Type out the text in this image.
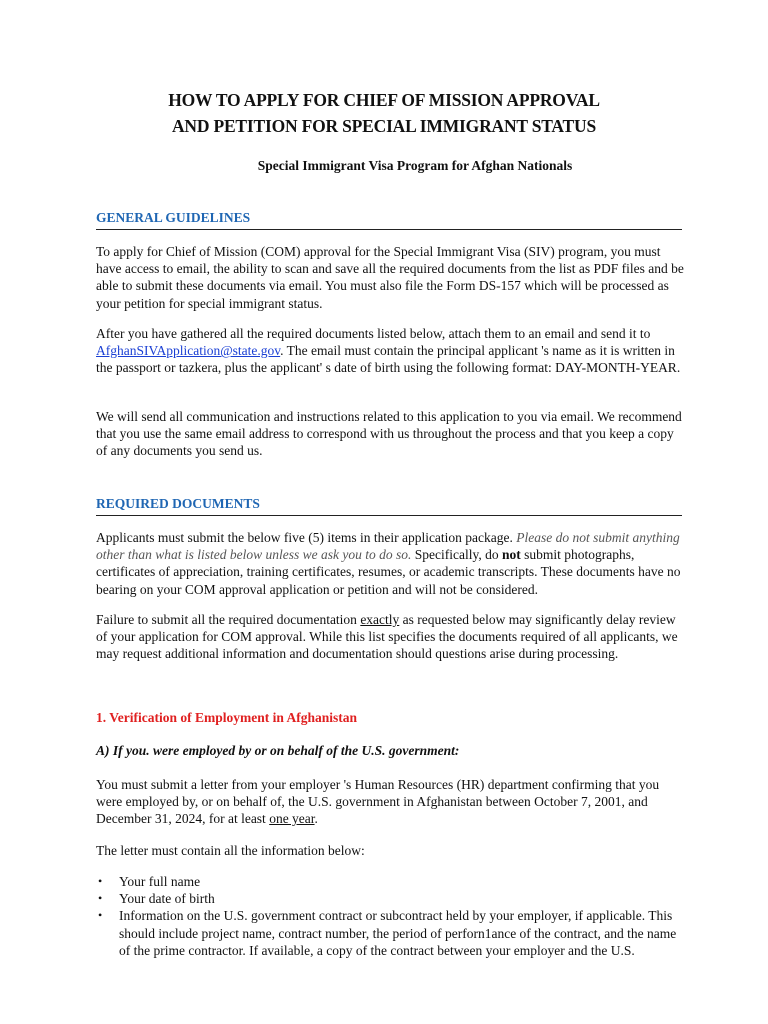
HOW TO APPLY FOR CHIEF OF MISSION APPROVAL
AND PETITION FOR SPECIAL IMMIGRANT STATUS
Special Immigrant Visa Program for Afghan Nationals
GENERAL GUIDELINES

To apply for Chief of Mission (COM) approval for the Special Immigrant Visa (SIV) program, you must have access to email, the ability to scan and save all the required documents from the list as PDF files and be able to submit these documents via email. You must also file the Form DS-157 which will be processed as your petition for special immigrant status.

After you have gathered all the required documents listed below, attach them to an email and send it to AfghanSIVApplication@state.gov. The email must contain the principal applicant 's name as it is written in the passport or tazkera, plus the applicant' s date of birth using the following format: DAY-MONTH-YEAR.

We will send all communication and instructions related to this application to you via email. We recommend that you use the same email address to correspond with us throughout the process and that you keep a copy of any documents you send us.

REQUIRED DOCUMENTS

Applicants must submit the below five (5) items in their application package. Please do not submit anything other than what is listed below unless we ask you to do so. Specifically, do not submit photographs, certificates of appreciation, training certificates, resumes, or academic transcripts. These documents have no bearing on your COM approval application or petition and will not be considered.

Failure to submit all the required documentation exactly as requested below may significantly delay review of your application for COM approval. While this list specifies the documents required of all applicants, we may request additional information and documentation should questions arise during processing.

1. Verification of Employment in Afghanistan
A) If you. were employed by or on behalf of the U.S. government:

You must submit a letter from your employer 's Human Resources (HR) department confirming that you were employed by, or on behalf of, the U.S. government in Afghanistan between October 7, 2001, and December 31, 2024, for at least one year.

The letter must contain all the information below:

• Your full name
• Your date of birth
• Information on the U.S. government contract or subcontract held by your employer, if applicable. This should include project name, contract number, the period of perforn1ance of the contract, and the name of the prime contractor. If available, a copy of the contract between your employer and the U.S.
